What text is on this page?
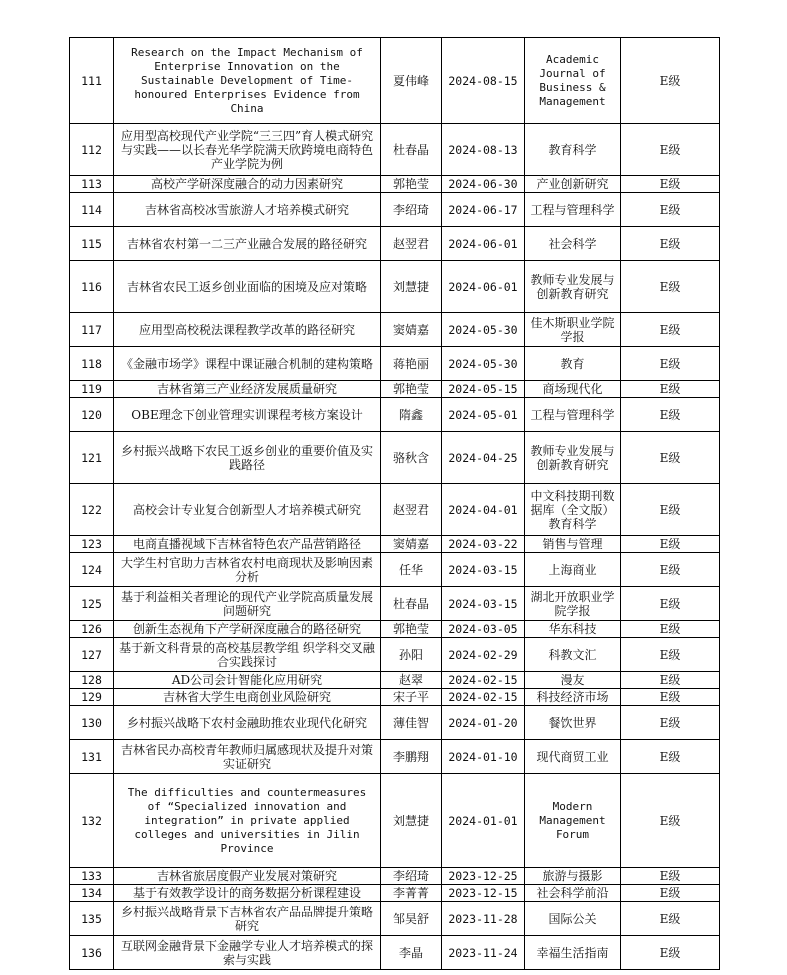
111	Research on the Impact Mechanism of Enterprise Innovation on the Sustainable Development of Time-honoured Enterprises Evidence from China	夏伟峰	2024-08-15	Academic Journal of Business & Management	E级
112	应用型高校现代产业学院“三三四”育人模式研究与实践——以长春光华学院满天欣跨境电商特色产业学院为例	杜春晶	2024-08-13	教育科学	E级
113	高校产学研深度融合的动力因素研究	郭艳莹	2024-06-30	产业创新研究	E级
114	吉林省高校冰雪旅游人才培养模式研究	李绍琦	2024-06-17	工程与管理科学	E级
115	吉林省农村第一二三产业融合发展的路径研究	赵翌君	2024-06-01	社会科学	E级
116	吉林省农民工返乡创业面临的困境及应对策略	刘慧捷	2024-06-01	教师专业发展与创新教育研究	E级
117	应用型高校税法课程教学改革的路径研究	窦婧嘉	2024-05-30	佳木斯职业学院学报	E级
118	《金融市场学》课程中课证融合机制的建构策略	蒋艳丽	2024-05-30	教育	E级
119	吉林省第三产业经济发展质量研究	郭艳莹	2024-05-15	商场现代化	E级
120	OBE理念下创业管理实训课程考核方案设计	隋鑫	2024-05-01	工程与管理科学	E级
121	乡村振兴战略下农民工返乡创业的重要价值及实践路径	骆秋含	2024-04-25	教师专业发展与创新教育研究	E级
122	高校会计专业复合创新型人才培养模式研究	赵翌君	2024-04-01	中文科技期刊数据库（全文版）教育科学	E级
123	电商直播视域下吉林省特色农产品营销路径	窦婧嘉	2024-03-22	销售与管理	E级
124	大学生村官助力吉林省农村电商现状及影响因素分析	任华	2024-03-15	上海商业	E级
125	基于利益相关者理论的现代产业学院高质量发展问题研究	杜春晶	2024-03-15	湖北开放职业学院学报	E级
126	创新生态视角下产学研深度融合的路径研究	郭艳莹	2024-03-05	华东科技	E级
127	基于新文科背景的高校基层教学组 织学科交叉融合实践探讨	孙阳	2024-02-29	科教文汇	E级
128	AD公司会计智能化应用研究	赵翠	2024-02-15	漫友	E级
129	吉林省大学生电商创业风险研究	宋子平	2024-02-15	科技经济市场	E级
130	乡村振兴战略下农村金融助推农业现代化研究	薄佳智	2024-01-20	餐饮世界	E级
131	吉林省民办高校青年教师归属感现状及提升对策实证研究	李鹏翔	2024-01-10	现代商贸工业	E级
132	The difficulties and countermeasures of “Specialized innovation and integration” in private applied colleges and universities in Jilin Province	刘慧捷	2024-01-01	Modern Management Forum	E级
133	吉林省旅居度假产业发展对策研究	李绍琦	2023-12-25	旅游与摄影	E级
134	基于有效教学设计的商务数据分析课程建设	李菁菁	2023-12-15	社会科学前沿	E级
135	乡村振兴战略背景下吉林省农产品品牌提升策略研究	邹昊舒	2023-11-28	国际公关	E级
136	互联网金融背景下金融学专业人才培养模式的探索与实践	李晶	2023-11-24	幸福生活指南	E级
